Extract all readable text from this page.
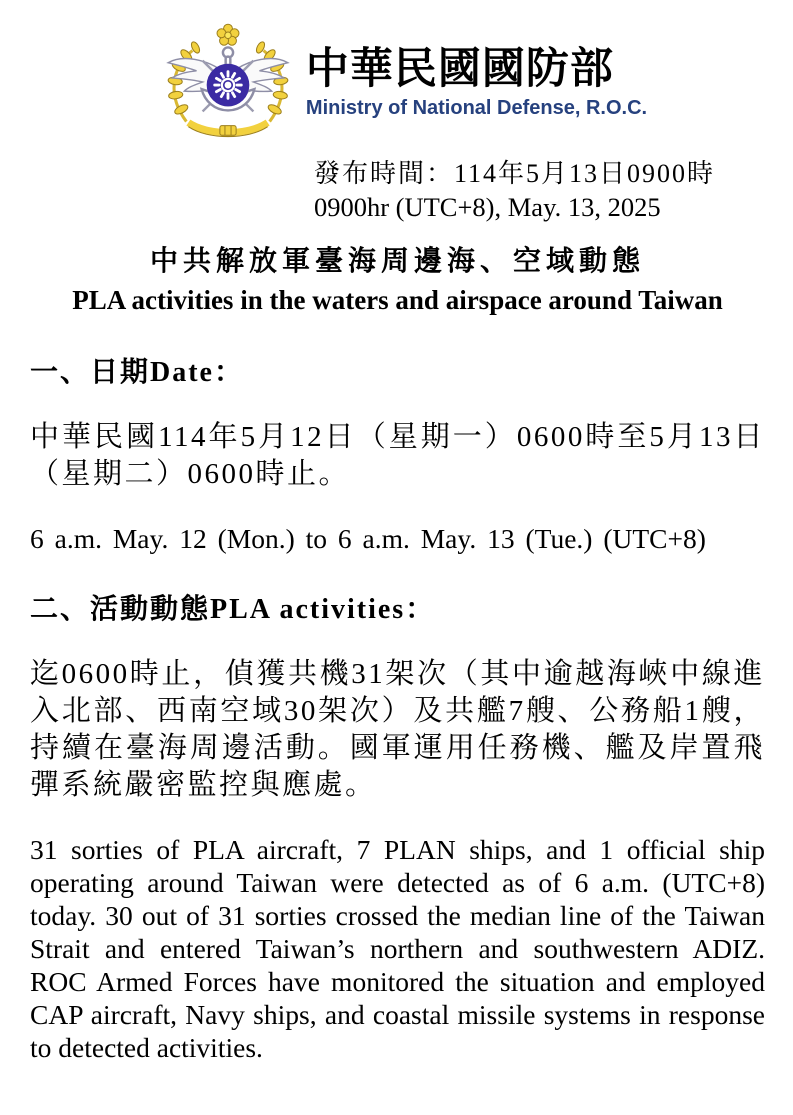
中華民國國防部
Ministry of National Defense, R.O.C.
發布時間：114年5月13日0900時
0900hr (UTC+8), May. 13, 2025
中共解放軍臺海周邊海、空域動態
PLA activities in the waters and airspace around Taiwan
一、日期Date：

中華民國114年5月12日（星期一）0600時至5月13日（星期二）0600時止。

6 a.m. May. 12 (Mon.) to 6 a.m. May. 13 (Tue.) (UTC+8)

二、活動動態PLA activities：

迄0600時止，偵獲共機31架次（其中逾越海峽中線進入北部、西南空域30架次）及共艦7艘、公務船1艘，持續在臺海周邊活動。國軍運用任務機、艦及岸置飛彈系統嚴密監控與應處。

31 sorties of PLA aircraft, 7 PLAN ships, and 1 official ship operating around Taiwan were detected as of 6 a.m. (UTC+8) today. 30 out of 31 sorties crossed the median line of the Taiwan Strait and entered Taiwan’s northern and southwestern ADIZ. ROC Armed Forces have monitored the situation and employed CAP aircraft, Navy ships, and coastal missile systems in response to detected activities.
